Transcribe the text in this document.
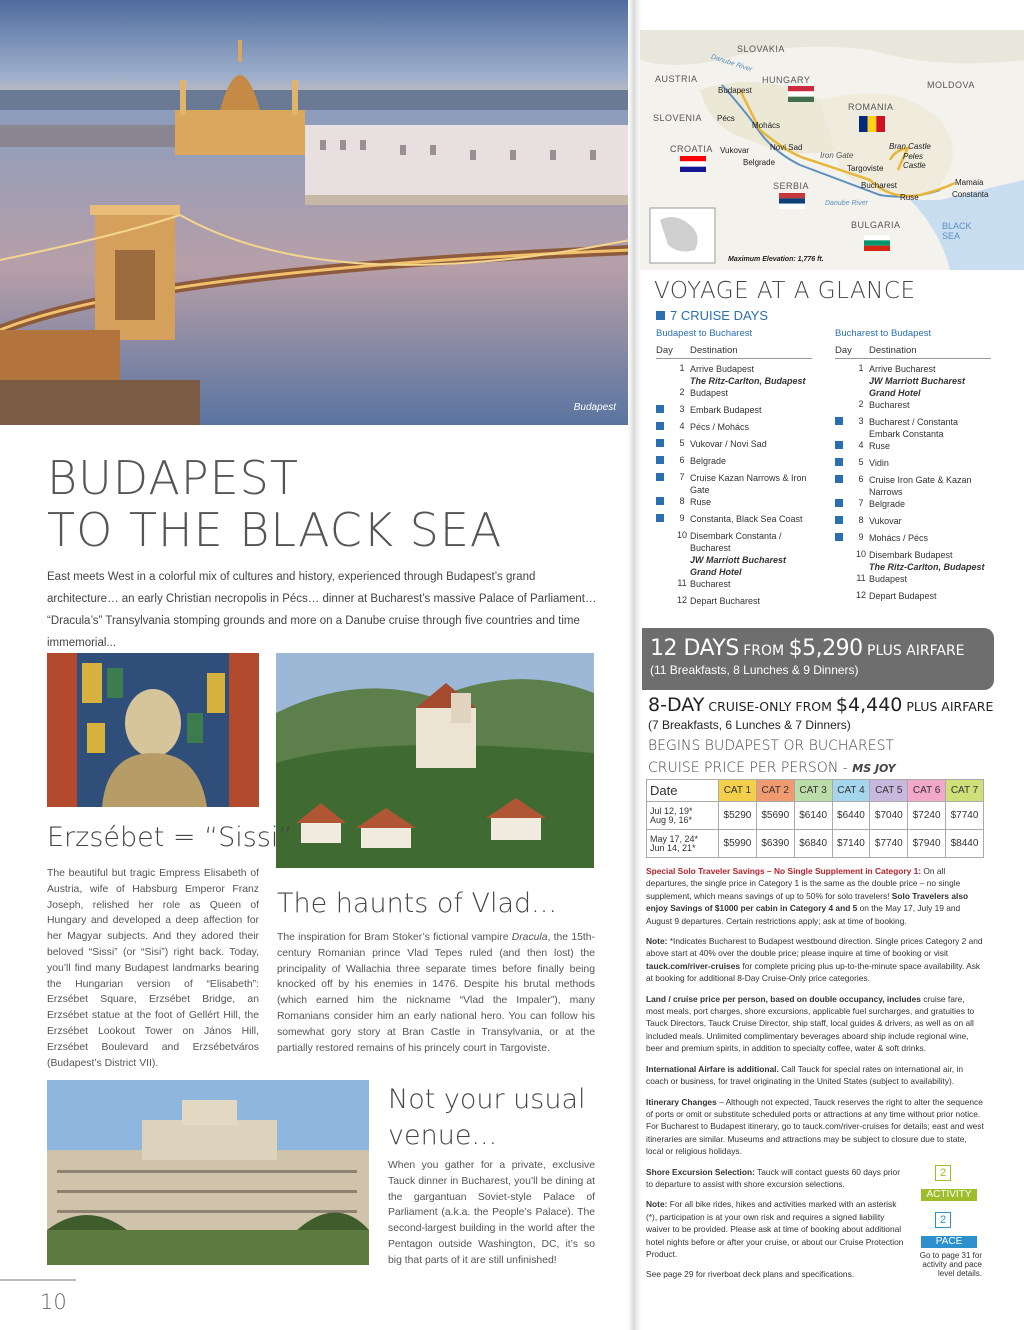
Budapest
BUDAPEST
TO THE BLACK SEA

East meets West in a colorful mix of cultures and history, experienced through Budapest’s grand architecture… an early Christian necropolis in Pécs… dinner at Bucharest’s massive Palace of Parliament… “Dracula’s” Transylvania stomping grounds and more on a Danube cruise through five countries and time immemorial...

Erzsébet = “Sissi”

The beautiful but tragic Empress Elisabeth of Austria, wife of Habsburg Emperor Franz Joseph, relished her role as Queen of Hungary and developed a deep affection for her Magyar subjects. And they adored their beloved “Sissi” (or “Sisi”) right back. Today, you’ll find many Budapest landmarks bearing the Hungarian version of “Elisabeth”: Erzsébet Square, Erzsébet Bridge, an Erzsébet statue at the foot of Gellért Hill, the Erzsébet Lookout Tower on János Hill, Erzsébet Boulevard and Erzsébetváros (Budapest’s District VII).

The haunts of Vlad...

The inspiration for Bram Stoker’s fictional vampire Dracula, the 15th-century Romanian prince Vlad Tepes ruled (and then lost) the principality of Wallachia three separate times before finally being knocked off by his enemies in 1476. Despite his brutal methods (which earned him the nickname “Vlad the Impaler”), many Romanians consider him an early national hero. You can follow his somewhat gory story at Bran Castle in Transylvania, or at the partially restored remains of his princely court in Targoviste.

Not your usual venue...

When you gather for a private, exclusive Tauck dinner in Bucharest, you’ll be dining at the gargantuan Soviet-style Palace of Parliament (a.k.a. the People’s Palace). The second-largest building in the world after the Pentagon outside Washington, DC, it’s so big that parts of it are still unfinished!

10
SLOVAKIA
AUSTRIA	HUNGARY	MOLDOVA
SLOVENIA
ROMANIA
CROATIA
SERBIA
BULGARIA
Budapest
Pécs
Mohács
Vukovar	Novi Sad
Belgrade
Targoviste
Bran Castle
Peles Castle
Bucharest
Ruse
Mamaia
Constanta
Danube River
Danube River
Iron Gate
BLACK SEA
Maximum Elevation: 1,776 ft.
VOYAGE AT A GLANCE
7 CRUISE DAYS
Budapest to Bucharest
Day	Destination
1 Arrive Budapest
The Ritz-Carlton, Budapest
2 Budapest
3 Embark Budapest
4 Pécs / Mohács
5 Vukovar / Novi Sad
6 Belgrade
7 Cruise Kazan Narrows & Iron Gate
8 Ruse
9 Constanta, Black Sea Coast
10 Disembark Constanta / Bucharest
JW Marriott Bucharest Grand Hotel
11 Bucharest
12 Depart Bucharest
Bucharest to Budapest
Day	Destination
1 Arrive Bucharest
JW Marriott Bucharest Grand Hotel
2 Bucharest
3 Bucharest / Constanta Embark Constanta
4 Ruse
5 Vidin
6 Cruise Iron Gate & Kazan Narrows
7 Belgrade
8 Vukovar
9 Mohács / Pécs
10 Disembark Budapest
The Ritz-Carlton, Budapest
11 Budapest
12 Depart Budapest
12 DAYS FROM $5,290 PLUS AIRFARE
(11 Breakfasts, 8 Lunches & 9 Dinners)
8-DAY CRUISE-ONLY FROM $4,440 PLUS AIRFARE
(7 Breakfasts, 6 Lunches & 7 Dinners)
BEGINS BUDAPEST OR BUCHAREST
CRUISE PRICE PER PERSON - MS JOY
Date	CAT 1	CAT 2	CAT 3	CAT 4	CAT 5	CAT 6	CAT 7
Jul 12, 19*
Aug 9, 16*	$5290	$5690	$6140	$6440	$7040	$7240	$7740
May 17, 24*
Jun 14, 21*	$5990	$6390	$6840	$7140	$7740	$7940	$8440

Special Solo Traveler Savings – No Single Supplement in Category 1: On all departures, the single price in Category 1 is the same as the double price – no single supplement, which means savings of up to 50% for solo travelers! Solo Travelers also enjoy Savings of $1000 per cabin in Category 4 and 5 on the May 17, July 19 and August 9 departures. Certain restrictions apply; ask at time of booking.

Note: *Indicates Bucharest to Budapest westbound direction. Single prices Category 2 and above start at 40% over the double price; please inquire at time of booking or visit tauck.com/river-cruises for complete pricing plus up-to-the-minute space availability. Ask at booking for additional 8-Day Cruise-Only price categories.

Land / cruise price per person, based on double occupancy, includes cruise fare, most meals, port charges, shore excursions, applicable fuel surcharges, and gratuities to Tauck Directors, Tauck Cruise Director, ship staff, local guides & drivers, as well as on all included meals. Unlimited complimentary beverages aboard ship include regional wine, beer and premium spirits, in addition to specialty coffee, water & soft drinks.

International Airfare is additional. Call Tauck for special rates on international air, in coach or business, for travel originating in the United States (subject to availability).

Itinerary Changes – Although not expected, Tauck reserves the right to alter the sequence of ports or omit or substitute scheduled ports or attractions at any time without prior notice. For Bucharest to Budapest itinerary, go to tauck.com/river-cruises for details; east and west itineraries are similar. Museums and attractions may be subject to closure due to state, local or religious holidays.

Shore Excursion Selection: Tauck will contact guests 60 days prior to departure to assist with shore excursion selections.

Note: For all bike rides, hikes and activities marked with an asterisk (*), participation is at your own risk and requires a signed liability waiver to be provided. Please ask at time of booking about additional hotel nights before or after your cruise, or about our Cruise Protection Product.

See page 29 for riverboat deck plans and specifications.

2
ACTIVITY
2
PACE
Go to page 31 for activity and pace level details.
